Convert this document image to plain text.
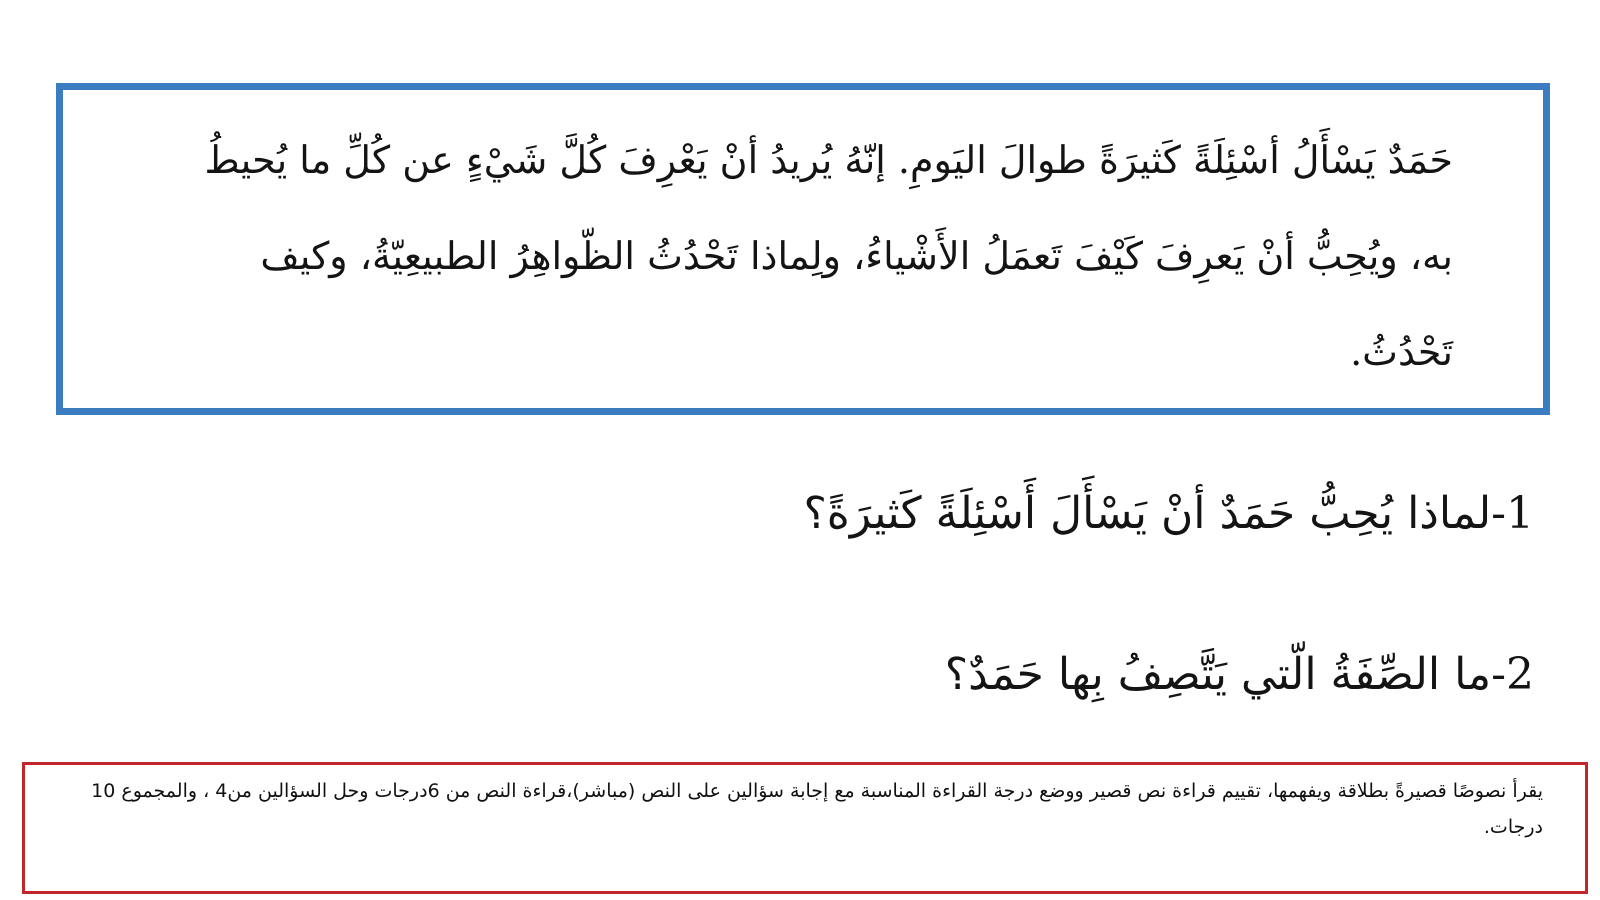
حَمَدٌ يَسْأَلُ أسْئِلَةً كَثيرَةً طوالَ اليَومِ. إنّهُ يُريدُ أنْ يَعْرِفَ كُلَّ شَيْءٍ عن كُلِّ ما يُحيطُ به، ويُحِبُّ أنْ يَعرِفَ كَيْفَ تَعمَلُ الأَشْياءُ، ولِماذا تَحْدُثُ الظّواهِرُ الطبيعِيّةُ، وكيف تَحْدُثُ.

1-لماذا يُحِبُّ حَمَدٌ أنْ يَسْأَلَ أَسْئِلَةً كَثيرَةً؟
2-ما الصِّفَةُ الّتي يَتَّصِفُ بِها حَمَدٌ؟

يقرأ نصوصًا قصيرةً بطلاقة ويفهمها، تقييم قراءة نص قصير ووضع درجة القراءة المناسبة مع إجابة سؤالين على النص (مباشر)،قراءة النص من 6درجات وحل السؤالين من4 ، والمجموع 10 درجات.
